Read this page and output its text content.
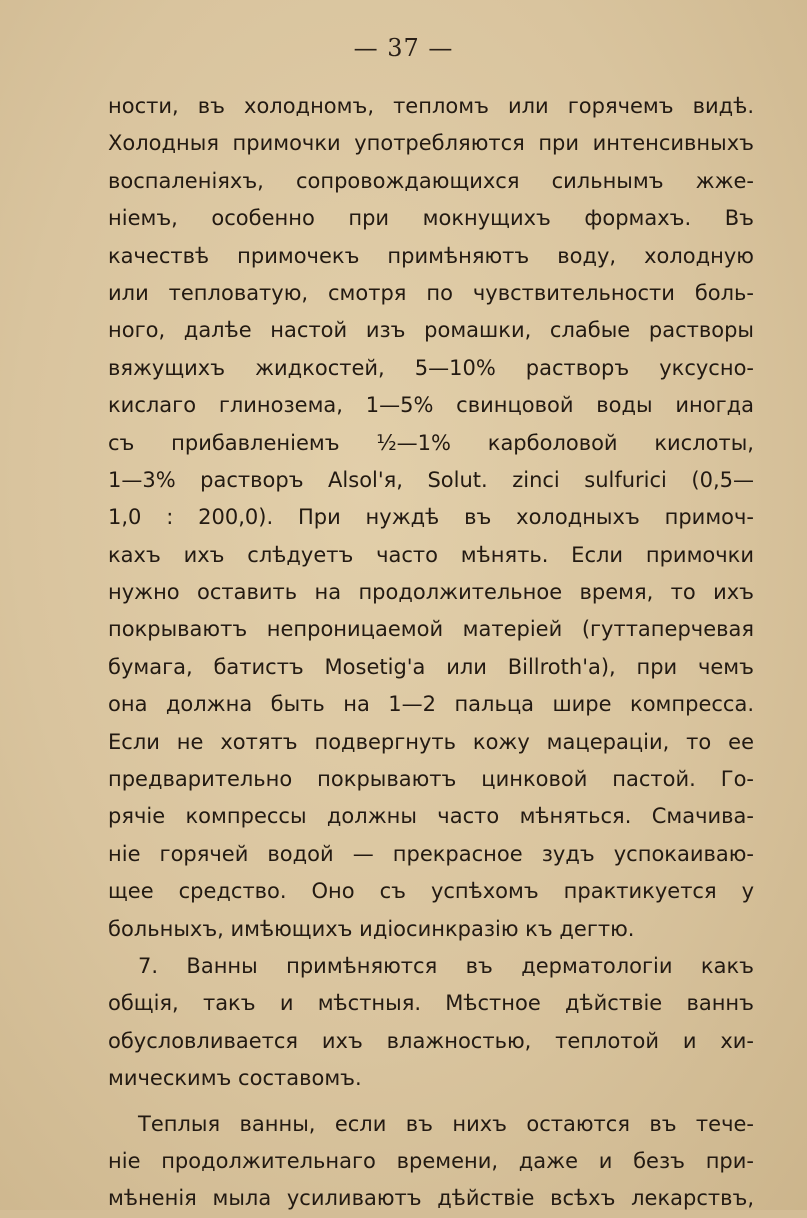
— 37 —
ности, въ холодномъ, тепломъ или горячемъ видѣ.
Холодныя примочки употребляются при интенсивныхъ
воспаленіяхъ, сопровождающихся сильнымъ жже-
ніемъ, особенно при мокнущихъ формахъ. Въ
качествѣ примочекъ примѣняютъ воду, холодную
или тепловатую, смотря по чувствительности боль-
ного, далѣе настой изъ ромашки, слабые растворы
вяжущихъ жидкостей, 5—10% растворъ уксусно-
кислаго глинозема, 1—5% свинцовой воды иногда
съ прибавленіемъ ½—1% карболовой кислоты,
1—3% растворъ Alsol'я, Solut. zinci sulfurici (0,5—
1,0 : 200,0). При нуждѣ въ холодныхъ примоч-
кахъ ихъ слѣдуетъ часто мѣнять. Если примочки
нужно оставить на продолжительное время, то ихъ
покрываютъ непроницаемой матеріей (гуттаперчевая
бумага, батистъ Mosetig'а или Billroth'а), при чемъ
она должна быть на 1—2 пальца шире компресса.
Если не хотятъ подвергнуть кожу мацераціи, то ее
предварительно покрываютъ цинковой пастой. Го-
рячіе компрессы должны часто мѣняться. Смачива-
ніе горячей водой — прекрасное зудъ успокаиваю-
щее средство. Оно съ успѣхомъ практикуется у
больныхъ, имѣющихъ идіосинкразію къ дегтю.
7. Ванны примѣняются въ дерматологіи какъ
общія, такъ и мѣстныя. Мѣстное дѣйствіе ваннъ
обусловливается ихъ влажностью, теплотой и хи-
мическимъ составомъ.
Теплыя ванны, если въ нихъ остаются въ тече-
ніе продолжительнаго времени, даже и безъ при-
мѣненія мыла усиливаютъ дѣйствіе всѣхъ лекарствъ,
